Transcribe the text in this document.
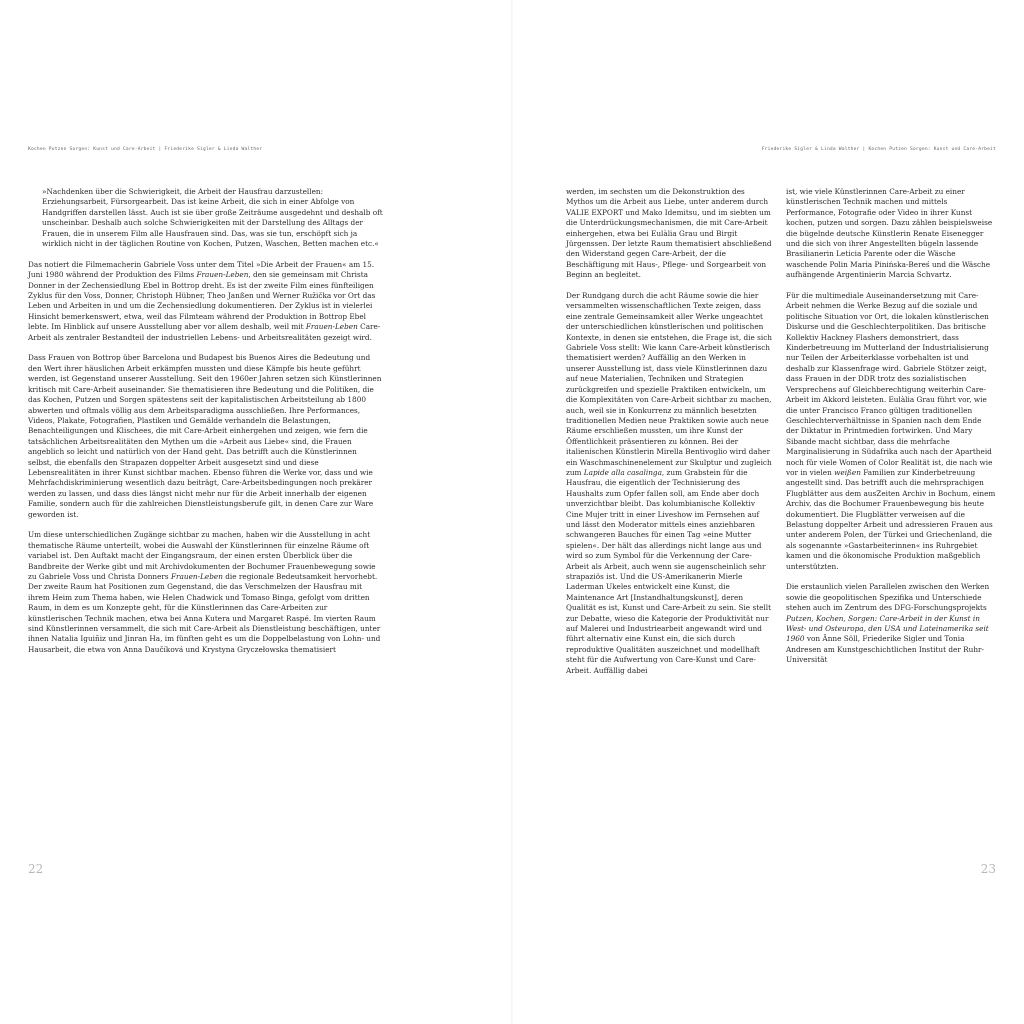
Kochen Putzen Sorgen: Kunst und Care-Arbeit | Friederike Sigler & Linda Walther

»Nachdenken über die Schwierigkeit, die Arbeit der Hausfrau darzustellen: Erziehungsarbeit, Fürsorgearbeit. Das ist keine Arbeit, die sich in einer Abfolge von Handgriffen darstellen lässt. Auch ist sie über große Zeiträume ausgedehnt und deshalb oft unscheinbar. Deshalb auch solche Schwierigkeiten mit der Darstellung des Alltags der Frauen, die in unserem Film alle Hausfrauen sind. Das, was sie tun, erschöpft sich ja wirklich nicht in der täglichen Routine von Kochen, Putzen, Waschen, Betten machen etc.«

Das notiert die Filmemacherin Gabriele Voss unter dem Titel »Die Arbeit der Frauen« am 15. Juni 1980 während der Produktion des Films Frauen-Leben, den sie gemeinsam mit Christa Donner in der Zechensiedlung Ebel in Bottrop dreht. Es ist der zweite Film eines fünfteiligen Zyklus für den Voss, Donner, Christoph Hübner, Theo Janßen und Werner Ružička vor Ort das Leben und Arbeiten in und um die Zechensiedlung dokumentieren. Der Zyklus ist in vielerlei Hinsicht bemerkenswert, etwa, weil das Filmteam während der Produktion in Bottrop Ebel lebte. Im Hinblick auf unsere Ausstellung aber vor allem deshalb, weil mit Frauen-Leben Care-Arbeit als zentraler Bestandteil der industriellen Lebens- und Arbeitsrealitäten gezeigt wird.

Dass Frauen von Bottrop über Barcelona und Budapest bis Buenos Aires die Bedeutung und den Wert ihrer häuslichen Arbeit erkämpfen mussten und diese Kämpfe bis heute geführt werden, ist Gegenstand unserer Ausstellung. Seit den 1960er Jahren setzen sich Künstlerinnen kritisch mit Care-Arbeit auseinander. Sie thematisieren ihre Bedeutung und die Politiken, die das Kochen, Putzen und Sorgen spätestens seit der kapitalistischen Arbeitsteilung ab 1800 abwerten und oftmals völlig aus dem Arbeitsparadigma ausschließen. Ihre Performances, Videos, Plakate, Fotografien, Plastiken und Gemälde verhandeln die Belastungen, Benachteiligungen und Klischees, die mit Care-Arbeit einhergehen und zeigen, wie fern die tatsächlichen Arbeitsrealitäten den Mythen um die »Arbeit aus Liebe« sind, die Frauen angeblich so leicht und natürlich von der Hand geht. Das betrifft auch die Künstlerinnen selbst, die ebenfalls den Strapazen doppelter Arbeit ausgesetzt sind und diese Lebensrealitäten in ihrer Kunst sichtbar machen. Ebenso führen die Werke vor, dass und wie Mehrfachdiskriminierung wesentlich dazu beiträgt, Care-Arbeitsbedingungen noch prekärer werden zu lassen, und dass dies längst nicht mehr nur für die Arbeit innerhalb der eigenen Familie, sondern auch für die zahlreichen Dienstleistungsberufe gilt, in denen Care zur Ware geworden ist.

Um diese unterschiedlichen Zugänge sichtbar zu machen, haben wir die Ausstellung in acht thematische Räume unterteilt, wobei die Auswahl der Künstlerinnen für einzelne Räume oft variabel ist. Den Auftakt macht der Eingangsraum, der einen ersten Überblick über die Bandbreite der Werke gibt und mit Archivdokumenten der Bochumer Frauenbewegung sowie zu Gabriele Voss und Christa Donners Frauen-Leben die regionale Bedeutsamkeit hervorhebt. Der zweite Raum hat Positionen zum Gegenstand, die das Verschmelzen der Hausfrau mit ihrem Heim zum Thema haben, wie Helen Chadwick und Tomaso Binga, gefolgt vom dritten Raum, in dem es um Konzepte geht, für die Künstlerinnen das Care-Arbeiten zur künstlerischen Technik machen, etwa bei Anna Kutera und Margaret Raspé. Im vierten Raum sind Künstlerinnen versammelt, die sich mit Care-Arbeit als Dienstleistung beschäftigen, unter ihnen Natalia Iguiñiz und Jinran Ha, im fünften geht es um die Doppelbelastung von Lohn- und Hausarbeit, die etwa von Anna Daučíková und Krystyna Gryczełowska thematisiert

22
Friederike Sigler & Linda Walther | Kochen Putzen Sorgen: Kunst und Care-Arbeit
23

werden, im sechsten um die Dekonstruktion des Mythos um die Arbeit aus Liebe, unter anderem durch VALIE EXPORT und Mako Idemitsu, und im siebten um die Unterdrückungsmechanismen, die mit Care-Arbeit einhergehen, etwa bei Eulàlia Grau und Birgit Jürgenssen. Der letzte Raum thematisiert abschließend den Widerstand gegen Care-Arbeit, der die Beschäftigung mit Haus-, Pflege- und Sorgearbeit von Beginn an begleitet.

Der Rundgang durch die acht Räume sowie die hier versammelten wissenschaftlichen Texte zeigen, dass eine zentrale Gemeinsamkeit aller Werke ungeachtet der unterschiedlichen künstlerischen und politischen Kontexte, in denen sie entstehen, die Frage ist, die sich Gabriele Voss stellt: Wie kann Care-Arbeit künstlerisch thematisiert werden? Auffällig an den Werken in unserer Ausstellung ist, dass viele Künstlerinnen dazu auf neue Materialien, Techniken und Strategien zurückgreifen und spezielle Praktiken entwickeln, um die Komplexitäten von Care-Arbeit sichtbar zu machen, auch, weil sie in Konkurrenz zu männlich besetzten traditionellen Medien neue Praktiken sowie auch neue Räume erschließen mussten, um ihre Kunst der Öffentlichkeit präsentieren zu können. Bei der italienischen Künstlerin Mirella Bentivoglio wird daher ein Waschmaschinenelement zur Skulptur und zugleich zum Lapide alla casalinga, zum Grabstein für die Hausfrau, die eigentlich der Technisierung des Haushalts zum Opfer fallen soll, am Ende aber doch unverzichtbar bleibt. Das kolumbianische Kollektiv Cine Mujer tritt in einer Liveshow im Fernsehen auf und lässt den Moderator mittels eines anziehbaren schwangeren Bauches für einen Tag »eine Mutter spielen«. Der hält das allerdings nicht lange aus und wird so zum Symbol für die Verkennung der Care-Arbeit als Arbeit, auch wenn sie augenscheinlich sehr strapaziös ist. Und die US-Amerikanerin Mierle Laderman Ukeles entwickelt eine Kunst, die Maintenance Art [Instandhaltungskunst], deren Qualität es ist, Kunst und Care-Arbeit zu sein. Sie stellt zur Debatte, wieso die Kategorie der Produktivität nur auf Malerei und Industriearbeit angewandt wird und führt alternativ eine Kunst ein, die sich durch reproduktive Qualitäten auszeichnet und modellhaft steht für die Aufwertung von Care-Kunst und Care-Arbeit. Auffällig dabei

ist, wie viele Künstlerinnen Care-Arbeit zu einer künstlerischen Technik machen und mittels Performance, Fotografie oder Video in ihrer Kunst kochen, putzen und sorgen. Dazu zählen beispielsweise die bügelnde deutsche Künstlerin Renate Eisenegger und die sich von ihrer Angestellten bügeln lassende Brasilianerin Leticia Parente oder die Wäsche waschende Polin Maria Pinińska-Bereś und die Wäsche aufhängende Argentinierin Marcia Schvartz.

Für die multimediale Auseinandersetzung mit Care-Arbeit nehmen die Werke Bezug auf die soziale und politische Situation vor Ort, die lokalen künstlerischen Diskurse und die Geschlechterpolitiken. Das britische Kollektiv Hackney Flashers demonstriert, dass Kinderbetreuung im Mutterland der Industrialisierung nur Teilen der Arbeiterklasse vorbehalten ist und deshalb zur Klassenfrage wird. Gabriele Stötzer zeigt, dass Frauen in der DDR trotz des sozialistischen Versprechens auf Gleichberechtigung weiterhin Care-Arbeit im Akkord leisteten. Eulàlia Grau führt vor, wie die unter Francisco Franco gültigen traditionellen Geschlechterverhältnisse in Spanien nach dem Ende der Diktatur in Printmedien fortwirken. Und Mary Sibande macht sichtbar, dass die mehrfache Marginalisierung in Südafrika auch nach der Apartheid noch für viele Women of Color Realität ist, die nach wie vor in vielen weißen Familien zur Kinderbetreuung angestellt sind. Das betrifft auch die mehrsprachigen Flugblätter aus dem ausZeiten Archiv in Bochum, einem Archiv, das die Bochumer Frauenbewegung bis heute dokumentiert. Die Flugblätter verweisen auf die Belastung doppelter Arbeit und adressieren Frauen aus unter anderem Polen, der Türkei und Griechenland, die als sogenannte »Gastarbeiterinnen« ins Ruhrgebiet kamen und die ökonomische Produktion maßgeblich unterstützten.

Die erstaunlich vielen Parallelen zwischen den Werken sowie die geopolitischen Spezifika und Unterschiede stehen auch im Zentrum des DFG-Forschungsprojekts Putzen, Kochen, Sorgen: Care-Arbeit in der Kunst in West- und Osteuropa, den USA und Lateinamerika seit 1960 von Änne Söll, Friederike Sigler und Tonia Andresen am Kunstgeschichtlichen Institut der Ruhr-Universität
